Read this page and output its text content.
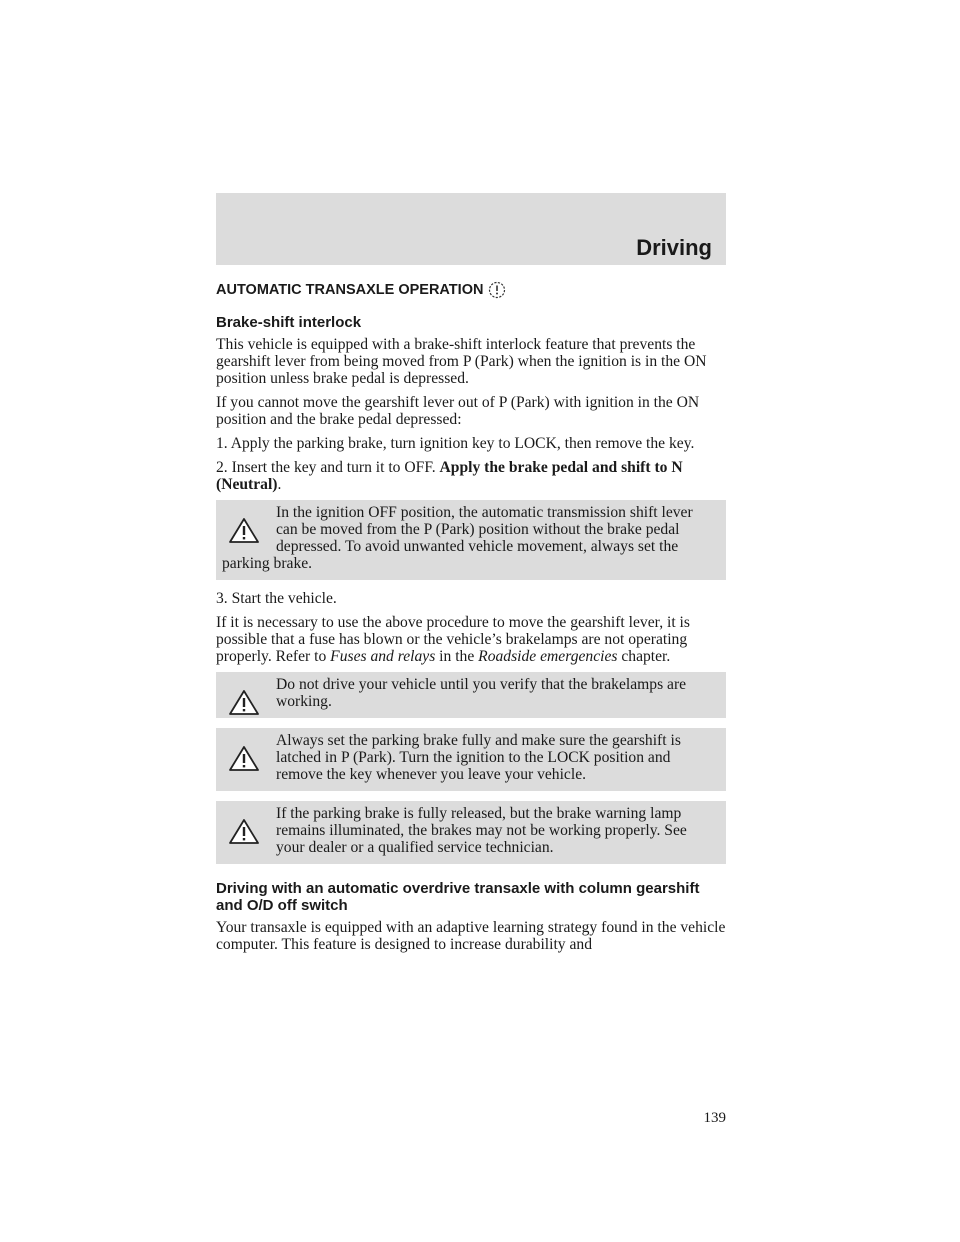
Driving
AUTOMATIC TRANSAXLE OPERATION
Brake-shift interlock

This vehicle is equipped with a brake-shift interlock feature that prevents the gearshift lever from being moved from P (Park) when the ignition is in the ON position unless brake pedal is depressed.

If you cannot move the gearshift lever out of P (Park) with ignition in the ON position and the brake pedal depressed:

1. Apply the parking brake, turn ignition key to LOCK, then remove the key.

2. Insert the key and turn it to OFF. Apply the brake pedal and shift to N (Neutral).

In the ignition OFF position, the automatic transmission shift lever can be moved from the P (Park) position without the brake pedal depressed. To avoid unwanted vehicle movement, always set the parking brake.

3. Start the vehicle.

If it is necessary to use the above procedure to move the gearshift lever, it is possible that a fuse has blown or the vehicle’s brakelamps are not operating properly. Refer to Fuses and relays in the Roadside emergencies chapter.

Do not drive your vehicle until you verify that the brakelamps are working.
Always set the parking brake fully and make sure the gearshift is latched in P (Park). Turn the ignition to the LOCK position and remove the key whenever you leave your vehicle.
If the parking brake is fully released, but the brake warning lamp remains illuminated, the brakes may not be working properly. See your dealer or a qualified service technician.
Driving with an automatic overdrive transaxle with column gearshift and O/D off switch

Your transaxle is equipped with an adaptive learning strategy found in the vehicle computer. This feature is designed to increase durability and

139
